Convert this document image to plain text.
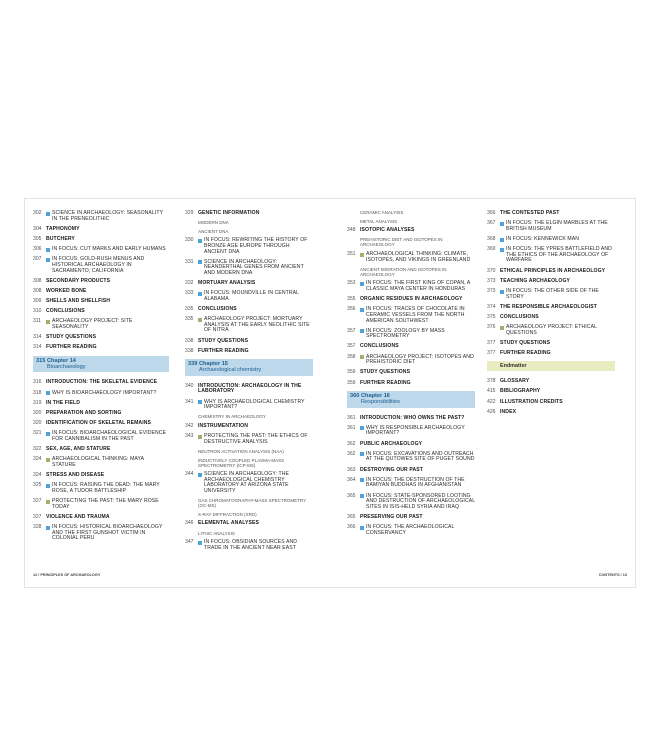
302	SCIENCE IN ARCHAEOLOGY: SEASONALITY IN THE PRENEOLITHIC
304 TAPHONOMY
305 BUTCHERY
306	IN FOCUS: CUT MARKS AND EARLY HUMANS
307	IN FOCUS: GOLD-RUSH MENUS AND HISTORICAL ARCHAEOLOGY IN SACRAMENTO, CALIFORNIA
308 SECONDARY PRODUCTS
308 WORKED BONE
309 SHELLS AND SHELLFISH
310 CONCLUSIONS
311	ARCHAEOLOGY PROJECT: SITE SEASONALITY
314 STUDY QUESTIONS
314 FURTHER READING
315 Chapter 14
Bioarchaeology
316 INTRODUCTION: THE SKELETAL EVIDENCE
318	WHY IS BIOARCHAEOLOGY IMPORTANT?
319 IN THE FIELD
320 PREPARATION AND SORTING
320 IDENTIFICATION OF SKELETAL REMAINS
321	IN FOCUS: BIOARCHAEOLOGICAL EVIDENCE FOR CANNIBALISM IN THE PAST
322 SEX, AGE, AND STATURE
324	ARCHAEOLOGICAL THINKING: MAYA STATURE
324 STRESS AND DISEASE
325	IN FOCUS: RAISING THE DEAD: THE MARY ROSE, A TUDOR BATTLESHIP
327	PROTECTING THE PAST: THE MARY ROSE TODAY
327 VIOLENCE AND TRAUMA
328	IN FOCUS: HISTORICAL BIOARCHAEOLOGY AND THE FIRST GUNSHOT VICTIM IN COLONIAL PERU
329 GENETIC INFORMATION
MODERN DNA
ANCIENT DNA
330	IN FOCUS: REWRITING THE HISTORY OF BRONZE AGE EUROPE THROUGH ANCIENT DNA
331	SCIENCE IN ARCHAEOLOGY: NEANDERTHAL GENES FROM ANCIENT AND MODERN DNA
332 MORTUARY ANALYSIS
333	IN FOCUS: MOUNDVILLE IN CENTRAL ALABAMA
335 CONCLUSIONS
335	ARCHAEOLOGY PROJECT: MORTUARY ANALYSIS AT THE EARLY NEOLITHIC SITE OF NITRA
338 STUDY QUESTIONS
338 FURTHER READING
339 Chapter 15
Archaeological chemistry
340 INTRODUCTION: ARCHAEOLOGY IN THE LABORATORY
341	WHY IS ARCHAEOLOGICAL CHEMISTRY IMPORTANT?
CHEMISTRY IN ARCHAEOLOGY
342 INSTRUMENTATION
343	PROTECTING THE PAST: THE ETHICS OF DESTRUCTIVE ANALYSIS
NEUTRON ACTIVATION ANALYSIS (NAA)
INDUCTIVELY COUPLED PLASMA-MASS SPECTROMETRY (ICP-MS)
344	SCIENCE IN ARCHAEOLOGY: THE ARCHAEOLOGICAL CHEMISTRY LABORATORY AT ARIZONA STATE UNIVERSITY
GAS CHROMATOGRAPHY-MASS SPECTROMETRY (GC-MS)
X-RAY DIFFRACTION (XRD)
346 ELEMENTAL ANALYSES
LITHIC ANALYSIS
347	IN FOCUS: OBSIDIAN SOURCES AND TRADE IN THE ANCIENT NEAR EAST
CERAMIC ANALYSIS
METAL ANALYSIS
348 ISOTOPIC ANALYSES
PREHISTORIC DIET AND ISOTOPES IN ARCHAEOLOGY
351	ARCHAEOLOGICAL THINKING: CLIMATE, ISOTOPES, AND VIKINGS IN GREENLAND
ANCIENT MIGRATION AND ISOTOPES IN ARCHAEOLOGY
353	IN FOCUS: THE FIRST KING OF COPAN, A CLASSIC MAYA CENTER IN HONDURAS
355 ORGANIC RESIDUES IN ARCHAEOLOGY
356	IN FOCUS: TRACES OF CHOCOLATE IN CERAMIC VESSELS FROM THE NORTH AMERICAN SOUTHWEST
357	IN FOCUS: ZOOLOGY BY MASS SPECTROMETRY
357 CONCLUSIONS
358	ARCHAEOLOGY PROJECT: ISOTOPES AND PREHISTORIC DIET
359 STUDY QUESTIONS
359 FURTHER READING
360 Chapter 16
Responsibilities
361 INTRODUCTION: WHO OWNS THE PAST?
361	WHY IS RESPONSIBLE ARCHAEOLOGY IMPORTANT?
362 PUBLIC ARCHAEOLOGY
362	IN FOCUS: EXCAVATIONS AND OUTREACH AT THE QUTOWES SITE OF PUGET SOUND
363 DESTROYING OUR PAST
364	IN FOCUS: THE DESTRUCTION OF THE BAMIYAN BUDDHAS IN AFGHANISTAN
365	IN FOCUS: STATE-SPONSORED LOOTING AND DESTRUCTION OF ARCHAEOLOGICAL SITES IN ISIS-HELD SYRIA AND IRAQ
365 PRESERVING OUR PAST
366	IN FOCUS: THE ARCHAEOLOGICAL CONSERVANCY
366 THE CONTESTED PAST
367	IN FOCUS: THE ELGIN MARBLES AT THE BRITISH MUSEUM
368	IN FOCUS: KENNEWICK MAN
369	IN FOCUS: THE YPRES BATTLEFIELD AND THE ETHICS OF THE ARCHAEOLOGY OF WARFARE
370 ETHICAL PRINCIPLES IN ARCHAEOLOGY
373 TEACHING ARCHAEOLOGY
373	IN FOCUS: THE OTHER SIDE OF THE STORY
374 THE RESPONSIBLE ARCHAEOLOGIST
375 CONCLUSIONS
376	ARCHAEOLOGY PROJECT: ETHICAL QUESTIONS
377 STUDY QUESTIONS
377 FURTHER READING
Endmatter
378 GLOSSARY
415 BIBLIOGRAPHY
422 ILLUSTRATION CREDITS
426 INDEX
12 / PRINCIPLES OF ARCHAEOLOGY	CONTENTS / 13
